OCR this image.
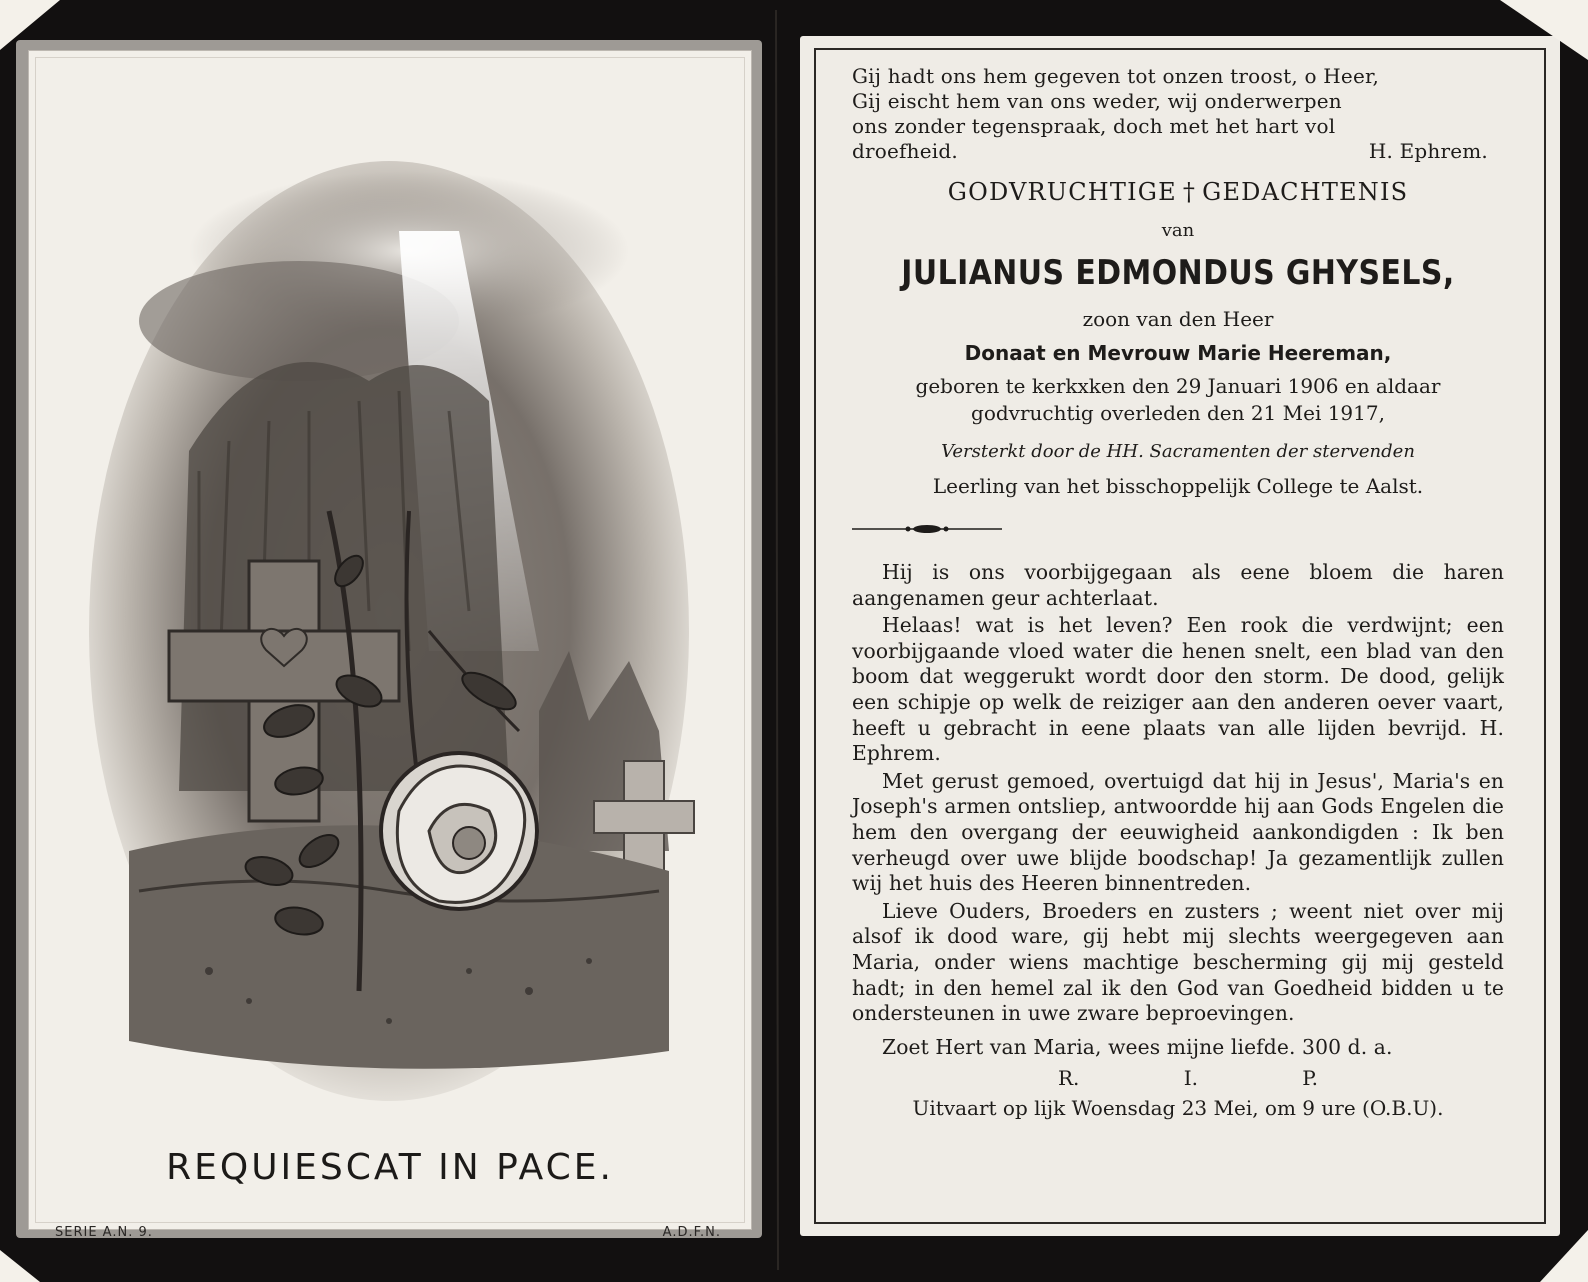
REQUIESCAT IN PACE.
SERIE A.N. 9.	A.D.F.N.

Gij hadt ons hem gegeven tot onzen troost, o Heer,

Gij eischt hem van ons weder, wij onderwerpen

ons zonder tegenspraak, doch met het hart vol

droefheid.	H. Ephrem.

GODVRUCHTIGE † GEDACHTENIS

van

JULIANUS EDMONDUS GHYSELS,

zoon van den Heer

Donaat en Mevrouw Marie Heereman,

geboren te kerkxken den 29 Januari 1906 en aldaar

godvruchtig overleden den 21 Mei 1917,

Versterkt door de HH. Sacramenten der stervenden

Leerling van het bisschoppelijk College te Aalst.

Hij is ons voorbijgegaan als eene bloem die haren aangenamen geur achterlaat.

Helaas! wat is het leven? Een rook die verdwijnt; een voorbijgaande vloed water die henen snelt, een blad van den boom dat weggerukt wordt door den storm. De dood, gelijk een schipje op welk de reiziger aan den anderen oever vaart, heeft u gebracht in eene plaats van alle lijden bevrijd. H. Ephrem.

Met gerust gemoed, overtuigd dat hij in Jesus', Maria's en Joseph's armen ontsliep, antwoordde hij aan Gods Engelen die hem den overgang der eeuwigheid aankondigden : Ik ben verheugd over uwe blijde boodschap! Ja gezamentlijk zullen wij het huis des Heeren binnentreden.

Lieve Ouders, Broeders en zusters ; weent niet over mij alsof ik dood ware, gij hebt mij slechts weergegeven aan Maria, onder wiens machtige bescherming gij mij gesteld hadt; in den hemel zal ik den God van Goedheid bidden u te ondersteunen in uwe zware beproevingen.

Zoet Hert van Maria, wees mijne liefde. 300 d. a.

R.	I.	P.

Uitvaart op lijk Woensdag 23 Mei, om 9 ure (O.B.U).
